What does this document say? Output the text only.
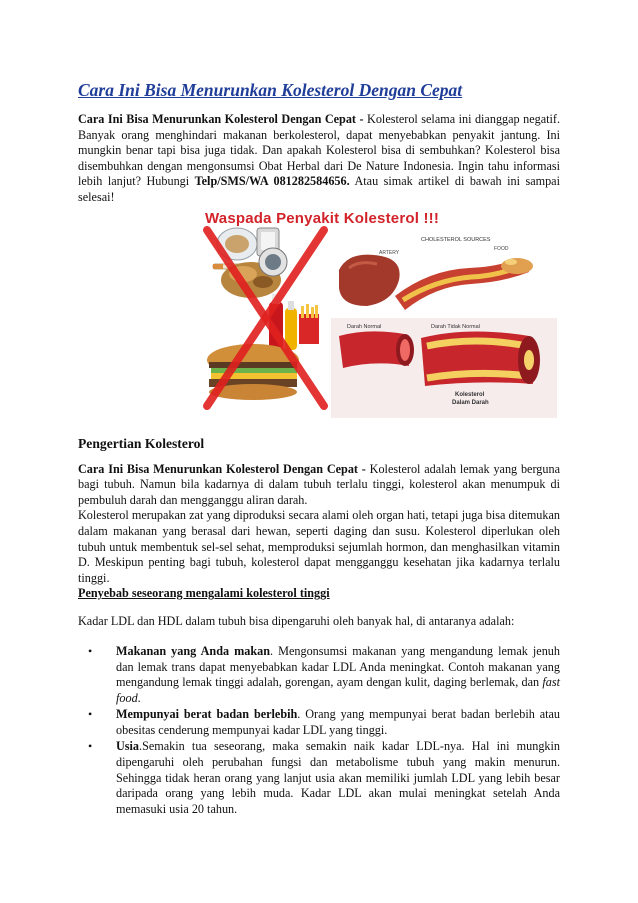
Cara Ini Bisa Menurunkan Kolesterol Dengan Cepat

Cara Ini Bisa Menurunkan Kolesterol Dengan Cepat - Kolesterol selama ini dianggap negatif. Banyak orang menghindari makanan berkolesterol, dapat menyebabkan penyakit jantung. Ini mungkin benar tapi bisa juga tidak. Dan apakah Kolesterol bisa di sembuhkan? Kolesterol bisa disembuhkan dengan mengonsumsi Obat Herbal dari De Nature Indonesia. Ingin tahu informasi lebih lanjut? Hubungi Telp/SMS/WA 081282584656. Atau simak artikel di bawah ini sampai selesai!

CHOLESTEROL SOURCES
ARTERY
FOOD
Darah Normal	Darah Tidak Normal
Kolesterol
Dalam Darah
Waspada Penyakit Kolesterol !!!
Pengertian Kolesterol

Cara Ini Bisa Menurunkan Kolesterol Dengan Cepat - Kolesterol adalah lemak yang berguna bagi tubuh. Namun bila kadarnya di dalam tubuh terlalu tinggi, kolesterol akan menumpuk di pembuluh darah dan mengganggu aliran darah.

Kolesterol merupakan zat yang diproduksi secara alami oleh organ hati, tetapi juga bisa ditemukan dalam makanan yang berasal dari hewan, seperti daging dan susu. Kolesterol diperlukan oleh tubuh untuk membentuk sel-sel sehat, memproduksi sejumlah hormon, dan menghasilkan vitamin D. Meskipun penting bagi tubuh, kolesterol dapat mengganggu kesehatan jika kadarnya terlalu tinggi.

Penyebab seseorang mengalami kolesterol tinggi

Kadar LDL dan HDL dalam tubuh bisa dipengaruhi oleh banyak hal, di antaranya adalah:

• Makanan yang Anda makan. Mengonsumsi makanan yang mengandung lemak jenuh dan lemak trans dapat menyebabkan kadar LDL Anda meningkat. Contoh makanan yang mengandung lemak tinggi adalah, gorengan, ayam dengan kulit, daging berlemak, dan fast food.
• Mempunyai berat badan berlebih. Orang yang mempunyai berat badan berlebih atau obesitas cenderung mempunyai kadar LDL yang tinggi.
• Usia.Semakin tua seseorang, maka semakin naik kadar LDL-nya. Hal ini mungkin dipengaruhi oleh perubahan fungsi dan metabolisme tubuh yang makin menurun. Sehingga tidak heran orang yang lanjut usia akan memiliki jumlah LDL yang lebih besar daripada orang yang lebih muda. Kadar LDL akan mulai meningkat setelah Anda memasuki usia 20 tahun.
